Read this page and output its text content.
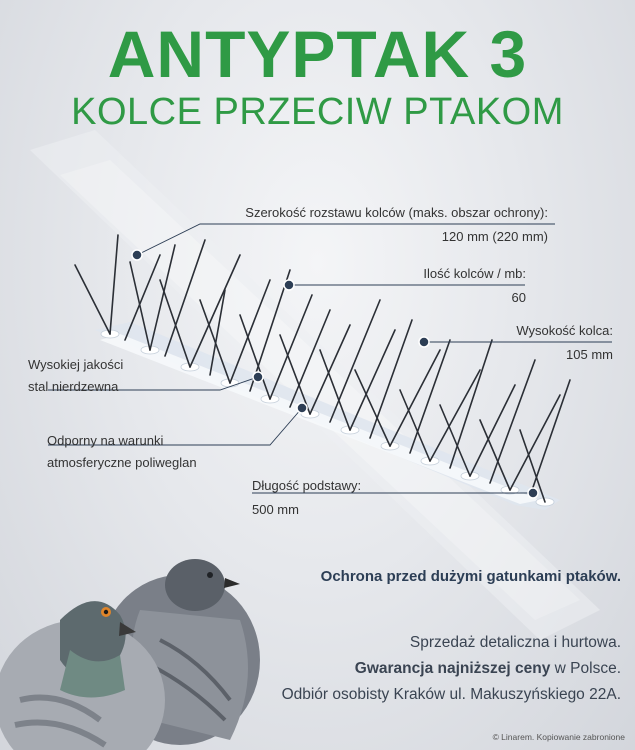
ANTYPTAK 3
KOLCE PRZECIW PTAKOM
Szerokość rozstawu kolców (maks. obszar ochrony):
120 mm (220 mm)
Ilość kolców / mb:
60
Wysokość kolca:
105 mm
Wysokiej jakości
stal nierdzewna
Odporny na warunki
atmosferyczne poliweglan
Długość podstawy:
500 mm
Ochrona przed dużymi gatunkami ptaków.
Sprzedaż detaliczna i hurtowa.
Gwarancja najniższej ceny w Polsce.
Odbiór osobisty Kraków ul. Makuszyńskiego 22A.
© Linarem. Kopiowanie zabronione
